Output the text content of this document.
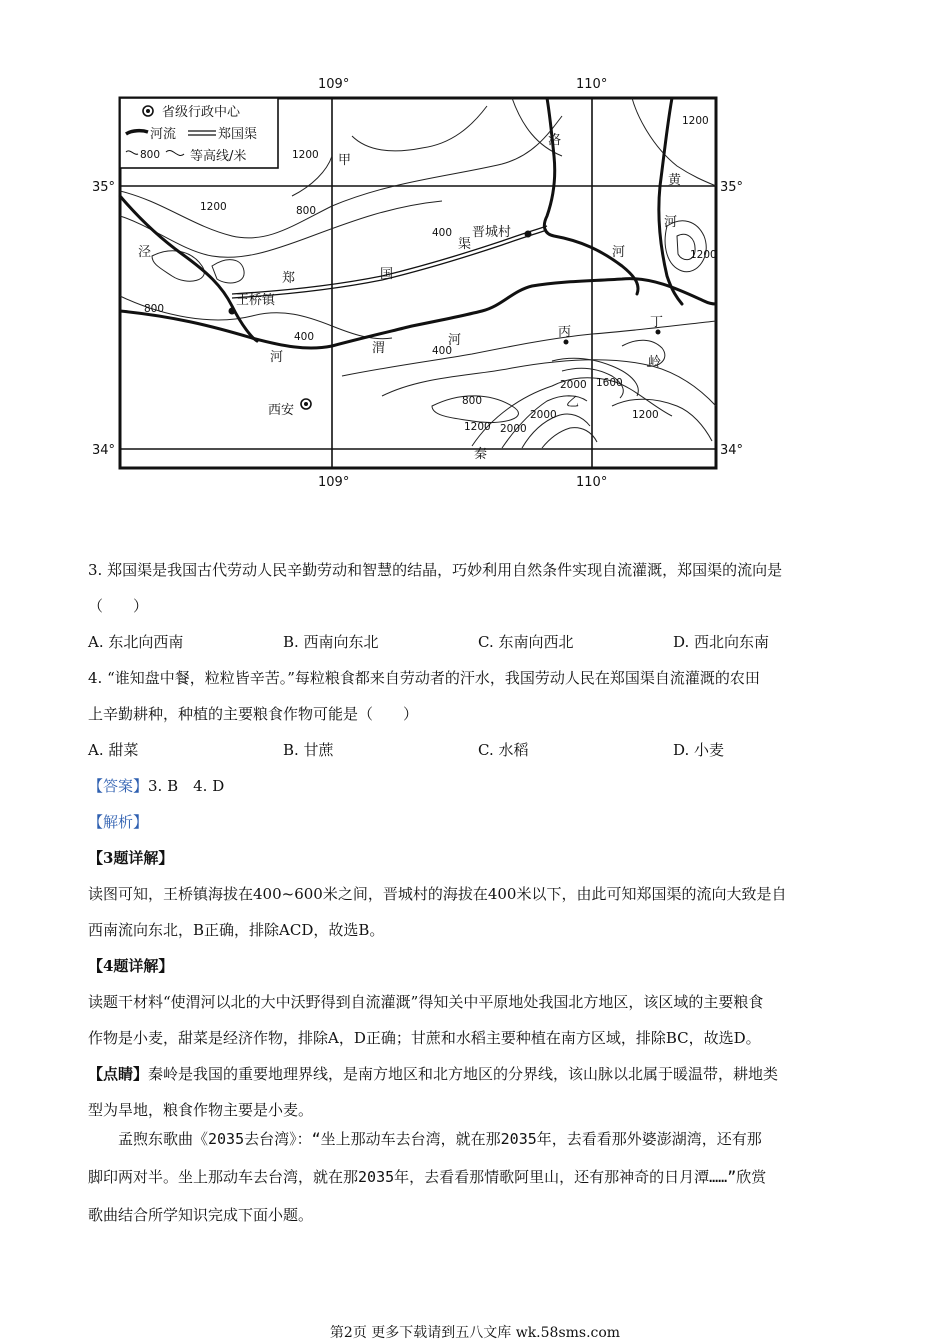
109°	110°
109°	110°
35°	35°
34°	34°
省级行政中心
河流	郑国渠
800 等高线/米	甲
洛
黄
河
泾
郑	国
渠
王桥镇
晋城村
河
河
渭
河
丙
丁
乙
岭
秦
西安
1200
1200
1200
1200
1200
1200
800
800
800
400
400
400
2000
2000
2000
1600
3. 郑国渠是我国古代劳动人民辛勤劳动和智慧的结晶，巧妙利用自然条件实现自流灌溉，郑国渠的流向是
（　　）
A. 东北向西南	B. 西南向东北	C. 东南向西北	D. 西北向东南
4. “谁知盘中餐，粒粒皆辛苦。”每粒粮食都来自劳动者的汗水，我国劳动人民在郑国渠自流灌溉的农田
上辛勤耕种，种植的主要粮食作物可能是（　　）
A. 甜菜	B. 甘蔗	C. 水稻	D. 小麦
【答案】3. B　4. D
【解析】
【3题详解】
读图可知，王桥镇海拔在400~600米之间，晋城村的海拔在400米以下，由此可知郑国渠的流向大致是自
西南流向东北，B正确，排除ACD，故选B。
【4题详解】
读题干材料“使渭河以北的大中沃野得到自流灌溉”得知关中平原地处我国北方地区，该区域的主要粮食
作物是小麦，甜菜是经济作物，排除A，D正确；甘蔗和水稻主要种植在南方区域，排除BC，故选D。
【点睛】秦岭是我国的重要地理界线，是南方地区和北方地区的分界线，该山脉以北属于暖温带，耕地类
型为旱地，粮食作物主要是小麦。
孟煦东歌曲《2035去台湾》：“坐上那动车去台湾，就在那2035年，去看看那外婆澎湖湾，还有那
脚印两对半。坐上那动车去台湾，就在那2035年，去看看那情歌阿里山，还有那神奇的日月潭……”欣赏
歌曲结合所学知识完成下面小题。
第2页 更多下载请到五八文库 wk.58sms.com
